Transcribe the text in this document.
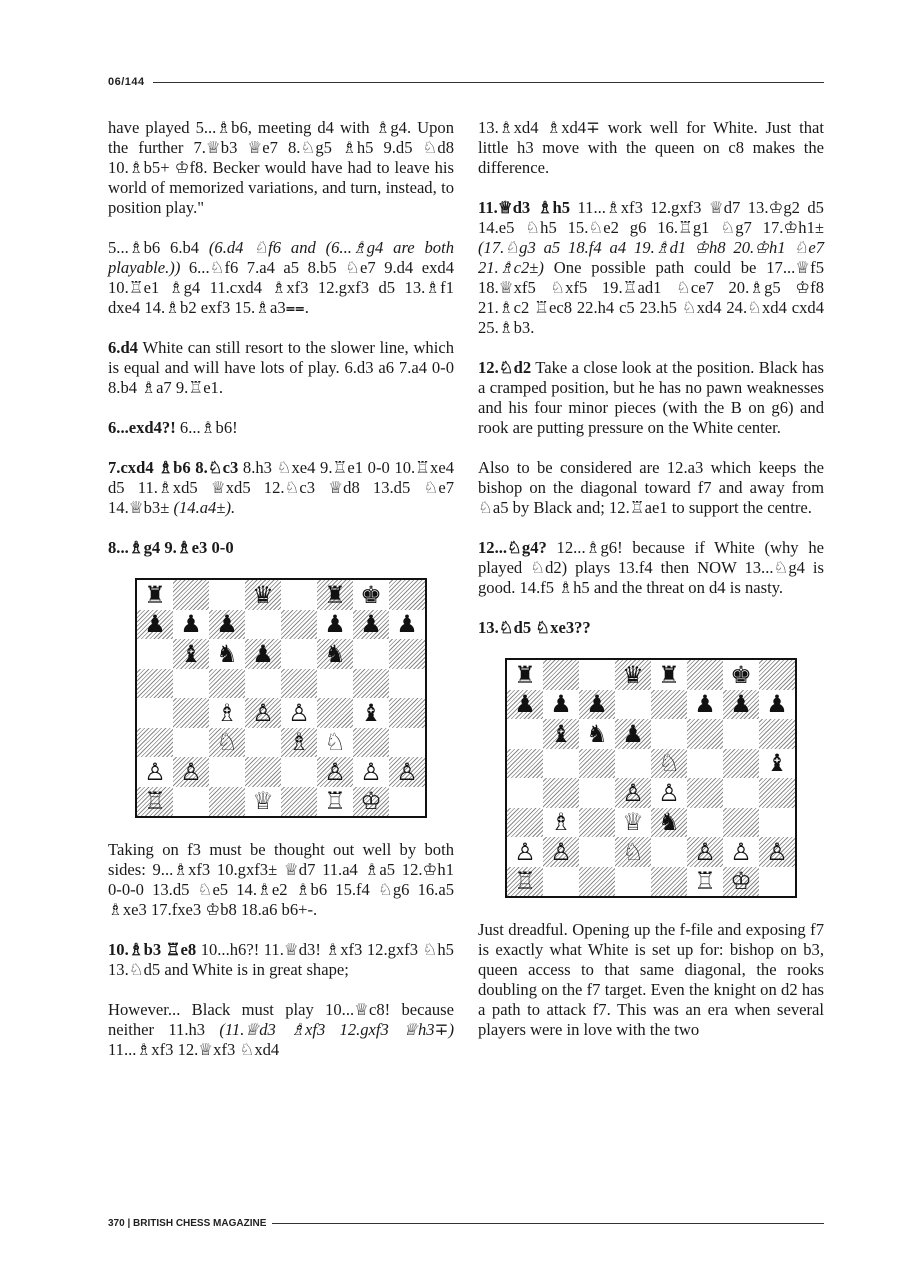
06/144

have played 5...♗b6, meeting d4 with ♗g4. Upon the further 7.♕b3 ♕e7 8.♘g5 ♗h5 9.d5 ♘d8 10.♗b5+ ♔f8. Becker would have had to leave his world of memorized variations, and turn, instead, to position play."

5...♗b6 6.b4 (6.d4 ♘f6 and (6...♗g4 are both playable.)) 6...♘f6 7.a4 a5 8.b5 ♘e7 9.d4 exd4 10.♖e1 ♗g4 11.cxd4 ♗xf3 12.gxf3 d5 13.♗f1 dxe4 14.♗b2 exf3 15.♗a3⩵.

6.d4 White can still resort to the slower line, which is equal and will have lots of play. 6.d3 a6 7.a4 0-0 8.b4 ♗a7 9.♖e1.

6...exd4?! 6...♗b6!

7.cxd4 ♗b6 8.♘c3 8.h3 ♘xe4 9.♖e1 0-0 10.♖xe4 d5 11.♗xd5 ♕xd5 12.♘c3 ♕d8 13.d5 ♘e7 14.♕b3± (14.a4±).

8...♗g4 9.♗e3 0-0

♜	♛ ♜ ♚
♟ ♟ ♟	♟ ♟ ♟
♝ ♞ ♟ ♞
♗ ♙ ♙ ♝
♘ ♗ ♘
♙ ♙	♙ ♙ ♙
♖	♕ ♖ ♔

Taking on f3 must be thought out well by both sides: 9...♗xf3 10.gxf3± ♕d7 11.a4 ♗a5 12.♔h1 0-0-0 13.d5 ♘e5 14.♗e2 ♗b6 15.f4 ♘g6 16.a5 ♗xe3 17.fxe3 ♔b8 18.a6 b6+-.

10.♗b3 ♖e8 10...h6?! 11.♕d3! ♗xf3 12.gxf3 ♘h5 13.♘d5 and White is in great shape;

However... Black must play 10...♕c8! because neither 11.h3 (11.♕d3 ♗xf3 12.gxf3 ♕h3∓) 11...♗xf3 12.♕xf3 ♘xd4

13.♗xd4 ♗xd4∓ work well for White. Just that little h3 move with the queen on c8 makes the difference.

11.♕d3 ♗h5 11...♗xf3 12.gxf3 ♕d7 13.♔g2 d5 14.e5 ♘h5 15.♘e2 g6 16.♖g1 ♘g7 17.♔h1± (17.♘g3 a5 18.f4 a4 19.♗d1 ♔h8 20.♔h1 ♘e7 21.♗c2±) One possible path could be 17...♕f5 18.♕xf5 ♘xf5 19.♖ad1 ♘ce7 20.♗g5 ♔f8 21.♗c2 ♖ec8 22.h4 c5 23.h5 ♘xd4 24.♘xd4 cxd4 25.♗b3.

12.♘d2 Take a close look at the position. Black has a cramped position, but he has no pawn weaknesses and his four minor pieces (with the B on g6) and rook are putting pressure on the White center.

Also to be considered are 12.a3 which keeps the bishop on the diagonal toward f7 and away from ♘a5 by Black and; 12.♖ae1 to support the centre.

12...♘g4? 12...♗g6! because if White (why he played ♘d2) plays 13.f4 then NOW 13...♘g4 is good. 14.f5 ♗h5 and the threat on d4 is nasty.

13.♘d5 ♘xe3??

♜	♛ ♜ ♚
♟ ♟ ♟	♟ ♟ ♟
♝ ♞ ♟
♘	♝
♙ ♙
♗ ♕ ♞
♙ ♙ ♘ ♙ ♙ ♙
♖	♖ ♔

Just dreadful. Opening up the f-file and exposing f7 is exactly what White is set up for: bishop on b3, queen access to that same diagonal, the rooks doubling on the f7 target. Even the knight on d2 has a path to attack f7. This was an era when several players were in love with the two

370 | BRITISH CHESS MAGAZINE
